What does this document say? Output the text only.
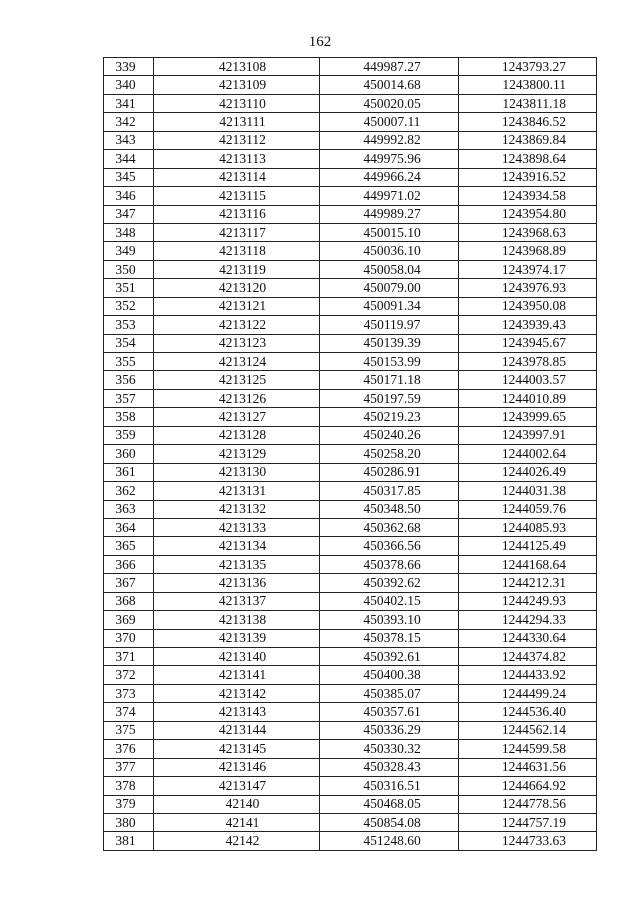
162
339	4213108	449987.27	1243793.27
340	4213109	450014.68	1243800.11
341	4213110	450020.05	1243811.18
342	4213111	450007.11	1243846.52
343	4213112	449992.82	1243869.84
344	4213113	449975.96	1243898.64
345	4213114	449966.24	1243916.52
346	4213115	449971.02	1243934.58
347	4213116	449989.27	1243954.80
348	4213117	450015.10	1243968.63
349	4213118	450036.10	1243968.89
350	4213119	450058.04	1243974.17
351	4213120	450079.00	1243976.93
352	4213121	450091.34	1243950.08
353	4213122	450119.97	1243939.43
354	4213123	450139.39	1243945.67
355	4213124	450153.99	1243978.85
356	4213125	450171.18	1244003.57
357	4213126	450197.59	1244010.89
358	4213127	450219.23	1243999.65
359	4213128	450240.26	1243997.91
360	4213129	450258.20	1244002.64
361	4213130	450286.91	1244026.49
362	4213131	450317.85	1244031.38
363	4213132	450348.50	1244059.76
364	4213133	450362.68	1244085.93
365	4213134	450366.56	1244125.49
366	4213135	450378.66	1244168.64
367	4213136	450392.62	1244212.31
368	4213137	450402.15	1244249.93
369	4213138	450393.10	1244294.33
370	4213139	450378.15	1244330.64
371	4213140	450392.61	1244374.82
372	4213141	450400.38	1244433.92
373	4213142	450385.07	1244499.24
374	4213143	450357.61	1244536.40
375	4213144	450336.29	1244562.14
376	4213145	450330.32	1244599.58
377	4213146	450328.43	1244631.56
378	4213147	450316.51	1244664.92
379	42140	450468.05	1244778.56
380	42141	450854.08	1244757.19
381	42142	451248.60	1244733.63
